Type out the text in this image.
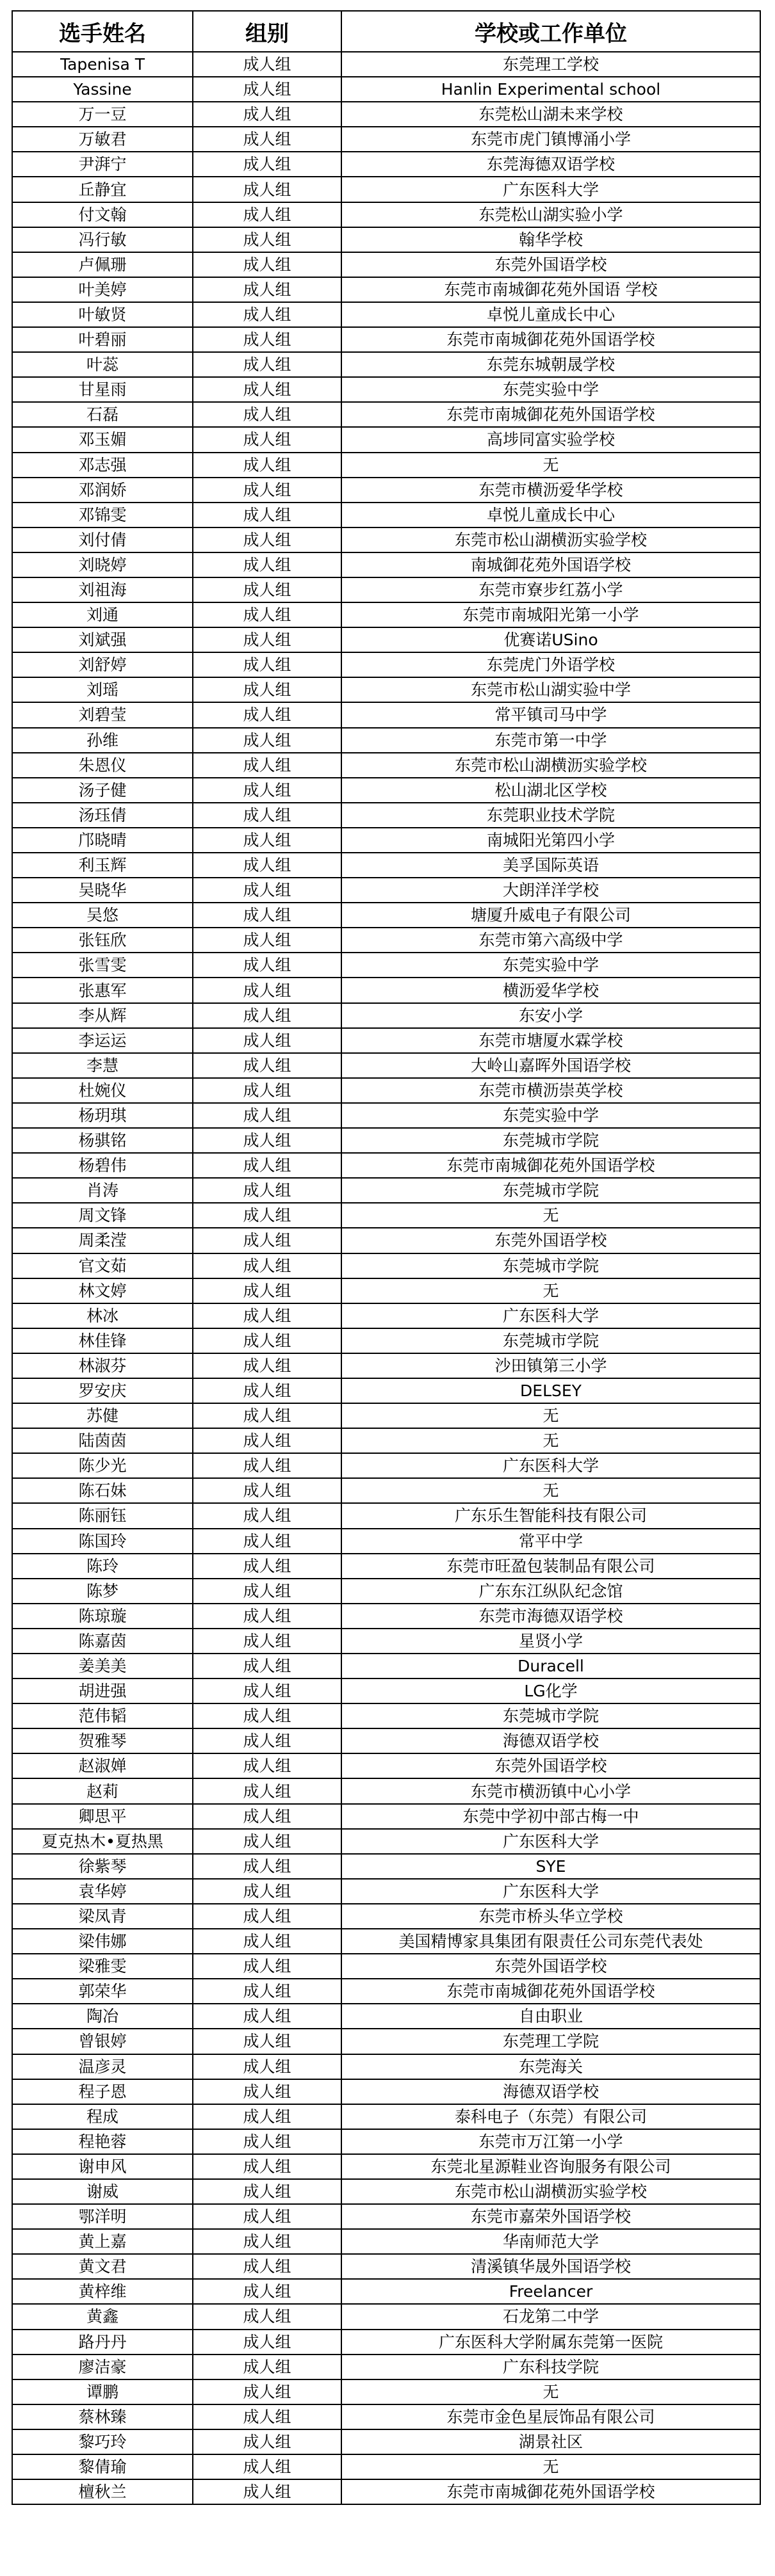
选手姓名	组别	学校或工作单位
Tapenisa T	成人组	东莞理工学校
Yassine	成人组	Hanlin Experimental school
万一豆	成人组	东莞松山湖未来学校
万敏君	成人组	东莞市虎门镇博涌小学
尹湃宁	成人组	东莞海德双语学校
丘静宜	成人组	广东医科大学
付文翰	成人组	东莞松山湖实验小学
冯行敏	成人组	翰华学校
卢佩珊	成人组	东莞外国语学校
叶美婷	成人组	东莞市南城御花苑外国语 学校
叶敏贤	成人组	卓悦儿童成长中心
叶碧丽	成人组	东莞市南城御花苑外国语学校
叶蕊	成人组	东莞东城朝晟学校
甘星雨	成人组	东莞实验中学
石磊	成人组	东莞市南城御花苑外国语学校
邓玉媚	成人组	高埗同富实验学校
邓志强	成人组	无
邓润娇	成人组	东莞市横沥爱华学校
邓锦雯	成人组	卓悦儿童成长中心
刘付倩	成人组	东莞市松山湖横沥实验学校
刘晓婷	成人组	南城御花苑外国语学校
刘祖海	成人组	东莞市寮步红荔小学
刘通	成人组	东莞市南城阳光第一小学
刘斌强	成人组	优赛诺USino
刘舒婷	成人组	东莞虎门外语学校
刘瑶	成人组	东莞市松山湖实验中学
刘碧莹	成人组	常平镇司马中学
孙维	成人组	东莞市第一中学
朱恩仪	成人组	东莞市松山湖横沥实验学校
汤子健	成人组	松山湖北区学校
汤珏倩	成人组	东莞职业技术学院
邝晓晴	成人组	南城阳光第四小学
利玉辉	成人组	美孚国际英语
吴晓华	成人组	大朗洋洋学校
吴悠	成人组	塘厦升威电子有限公司
张钰欣	成人组	东莞市第六高级中学
张雪雯	成人组	东莞实验中学
张惠军	成人组	横沥爱华学校
李从辉	成人组	东安小学
李运运	成人组	东莞市塘厦水霖学校
李慧	成人组	大岭山嘉晖外国语学校
杜婉仪	成人组	东莞市横沥崇英学校
杨玥琪	成人组	东莞实验中学
杨骐铭	成人组	东莞城市学院
杨碧伟	成人组	东莞市南城御花苑外国语学校
肖涛	成人组	东莞城市学院
周文锋	成人组	无
周柔滢	成人组	东莞外国语学校
官文茹	成人组	东莞城市学院
林文婷	成人组	无
林冰	成人组	广东医科大学
林佳锋	成人组	东莞城市学院
林淑芬	成人组	沙田镇第三小学
罗安庆	成人组	DELSEY
苏健	成人组	无
陆茵茵	成人组	无
陈少光	成人组	广东医科大学
陈石妹	成人组	无
陈丽钰	成人组	广东乐生智能科技有限公司
陈国玲	成人组	常平中学
陈玲	成人组	东莞市旺盈包装制品有限公司
陈梦	成人组	广东东江纵队纪念馆
陈琼璇	成人组	东莞市海德双语学校
陈嘉茵	成人组	星贤小学
姜美美	成人组	Duracell
胡进强	成人组	LG化学
范伟韬	成人组	东莞城市学院
贺雅琴	成人组	海德双语学校
赵淑婵	成人组	东莞外国语学校
赵莉	成人组	东莞市横沥镇中心小学
卿思平	成人组	东莞中学初中部古梅一中
夏克热木•夏热黑	成人组	广东医科大学
徐紫琴	成人组	SYE
袁华婷	成人组	广东医科大学
梁凤青	成人组	东莞市桥头华立学校
梁伟娜	成人组	美国精博家具集团有限责任公司东莞代表处
梁雅雯	成人组	东莞外国语学校
郭荣华	成人组	东莞市南城御花苑外国语学校
陶冶	成人组	自由职业
曾银婷	成人组	东莞理工学院
温彦灵	成人组	东莞海关
程子恩	成人组	海德双语学校
程成	成人组	泰科电子（东莞）有限公司
程艳蓉	成人组	东莞市万江第一小学
谢申风	成人组	东莞北星源鞋业咨询服务有限公司
谢威	成人组	东莞市松山湖横沥实验学校
鄂洋明	成人组	东莞市嘉荣外国语学校
黄上嘉	成人组	华南师范大学
黄文君	成人组	清溪镇华晟外国语学校
黄梓维	成人组	Freelancer
黄鑫	成人组	石龙第二中学
路丹丹	成人组	广东医科大学附属东莞第一医院
廖洁豪	成人组	广东科技学院
谭鹏	成人组	无
蔡林臻	成人组	东莞市金色星辰饰品有限公司
黎巧玲	成人组	湖景社区
黎倩瑜	成人组	无
檀秋兰	成人组	东莞市南城御花苑外国语学校
